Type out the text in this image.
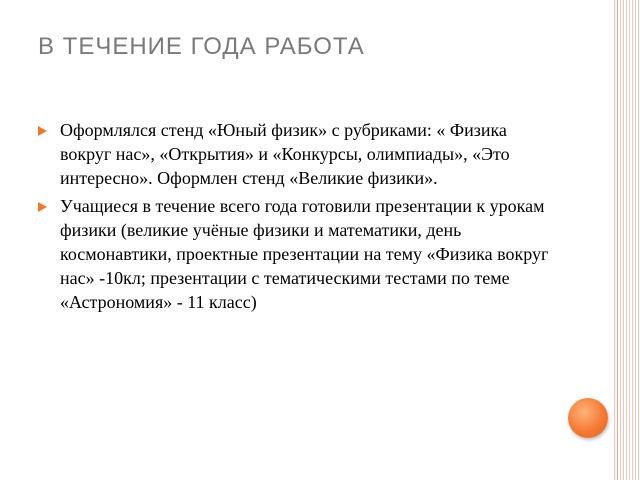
В ТЕЧЕНИЕ ГОДА РАБОТА
Оформлялся стенд «Юный физик» с рубриками: « Физика вокруг нас», «Открытия» и «Конкурсы, олимпиады», «Это интересно». Оформлен стенд «Великие физики».
Учащиеся в течение всего года готовили презентации к урокам физики (великие учёные физики и математики, день космонавтики, проектные презентации на тему «Физика вокруг нас» -10кл; презентации с тематическими тестами по теме «Астрономия» - 11 класс)
